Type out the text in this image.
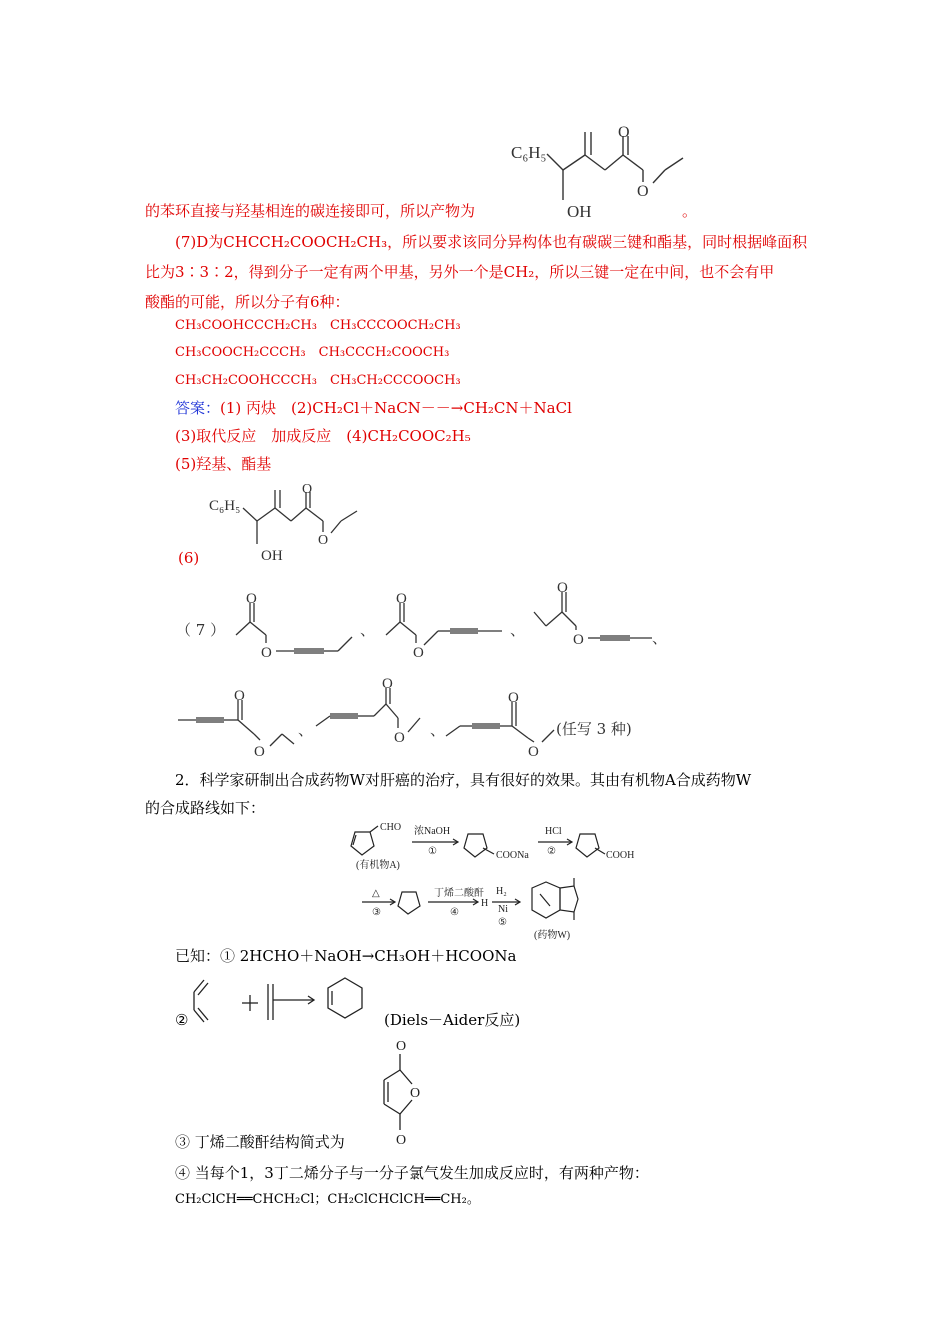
C₆H₅
O
O
OH
的苯环直接与羟基相连的碳连接即可，所以产物为	。
(7)D为CHCCH₂COOCH₂CH₃，所以要求该同分异构体也有碳碳三键和酯基，同时根据峰面积
比为3∶3∶2，得到分子一定有两个甲基，另外一个是CH₂，所以三键一定在中间，也不会有甲
酸酯的可能，所以分子有6种：
CH₃COOHCCCH₂CH₃　CH₃CCCOOCH₂CH₃
CH₃COOCH₂CCCH₃　CH₃CCCH₂COOCH₃
CH₃CH₂COOHCCCH₃　CH₃CH₂CCCOOCH₃
答案：(1) 丙炔　(2)CH₂Cl＋NaCN－－→CH₂CN＋NaCl
(3)取代反应　加成反应　(4)CH₂COOC₂H₅
(5)羟基、酯基
C₆H₅
O
O
OH
(6)
（ 7 ）
O
O
、
O
O
、
O
O	、
O
O
、
O
O 、
O
O
(任写 3 种)
2．科学家研制出合成药物W对肝癌的治疗，具有很好的效果。其由有机物A合成药物W
的合成路线如下：
CHO
(有机物A)
浓NaOH
①	COONa
HCl
②	COOH
△
③
丁烯二酸酐
④
H
H₂
Ni
⑤
(药物W)
已知：① 2HCHO＋NaOH→CH₃OH＋HCOONa
②	(Diels－Aider反应)
O
O
O
③ 丁烯二酸酐结构简式为
④ 当每个1，3丁二烯分子与一分子氯气发生加成反应时，有两种产物：
CH₂ClCH══CHCH₂Cl；CH₂ClCHClCH══CH₂。
